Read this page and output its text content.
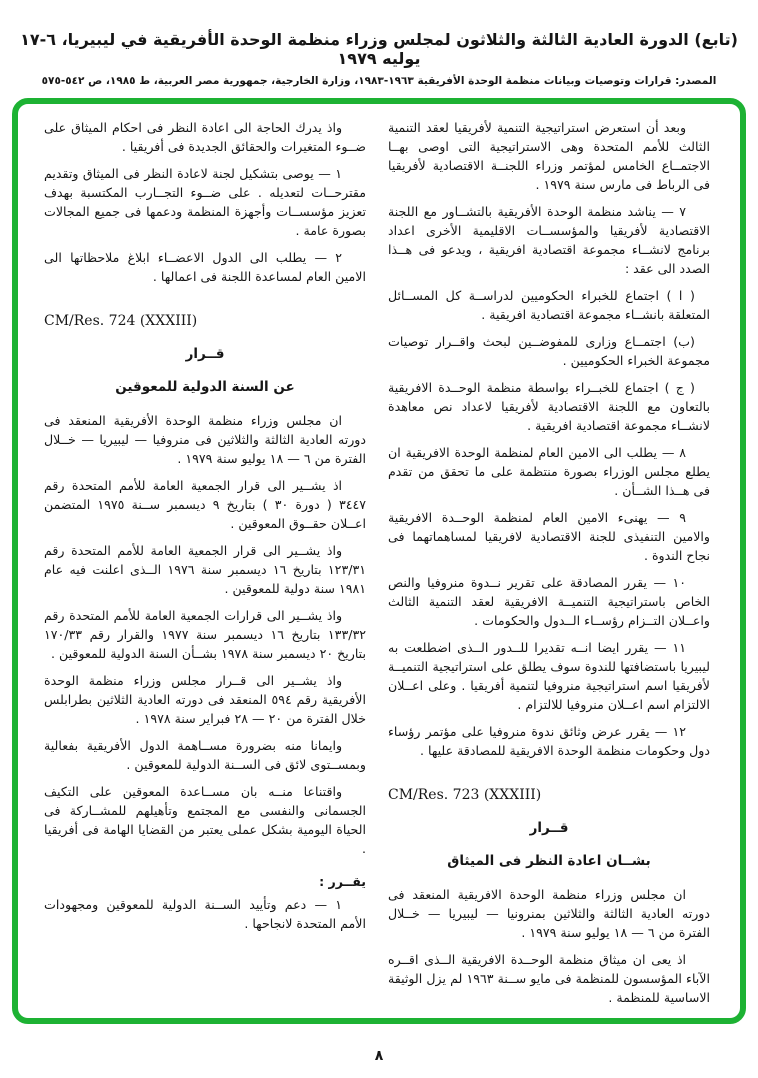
(تابع) الدورة العادية الثالثة والثلاثون لمجلس وزراء منظمة الوحدة الأفريقية في ليبيريا، ٦-١٧ يوليه ١٩٧٩
المصدر: قرارات وتوصيات وبيانات منظمة الوحدة الأفريقية ١٩٦٣-١٩٨٣، وزارة الخارجية، جمهورية مصر العربية، ط ١٩٨٥، ص ٥٤٢-٥٧٥

وبعد أن استعرض استراتيجية التنمية لأفريقيا لعقد التنمية الثالث للأمم المتحدة وهى الاستراتيجية التى اوصى بهــا الاجتمــاع الخامس لمؤتمر وزراء اللجنــة الاقتصادية لأفريقيا فى الرباط فى مارس سنة ١٩٧٩ .

٧ — يناشد منظمة الوحدة الأفريقية بالتشــاور مع اللجنة الاقتصادية لأفريقيا والمؤسســات الاقليمية الأخرى اعداد برنامج لانشــاء مجموعة اقتصادية افريقية ، ويدعو فى هــذا الصدد الى عقد :

( ا ) اجتماع للخبراء الحكوميين لدراســة كل المســائل المتعلقة بانشــاء مجموعة اقتصادية افريقية .

(ب) اجتمــاع وزارى للمفوضــين لبحث واقــرار توصيات مجموعة الخبراء الحكوميين .

( ج ) اجتماع للخبــراء بواسطة منظمة الوحــدة الافريقية بالتعاون مع اللجنة الاقتصادية لأفريقيا لاعداد نص معاهدة لانشــاء مجموعة اقتصادية افريقية .

٨ — يطلب الى الامين العام لمنظمة الوحدة الافريقية ان يطلع مجلس الوزراء بصورة منتظمة على ما تحقق من تقدم فى هــذا الشــأن .

٩ — يهنىء الامين العام لمنظمة الوحــدة الافريقية والامين التنفيذى للجنة الاقتصادية لافريقيا لمساهماتهما فى نجاح الندوة .

١٠ — يقرر المصادقة على تقرير نــدوة منروفيا والنص الخاص باستراتيجية التنميــة الافريقية لعقد التنمية الثالث واعــلان التــزام رؤســاء الــدول والحكومات .

١١ — يقرر ايضا انــه تقديرا للــدور الــذى اضطلعت به ليبيريا باستضافتها للندوة سوف يطلق على استراتيجية التنميــة لأفريقيا اسم استراتيجية منروفيا لتنمية أفريقيا . وعلى اعــلان الالتزام اسم اعــلان منروفيا للالتزام .

١٢ — يقرر عرض وثائق ندوة منروفيا على مؤتمر رؤساء دول وحكومات منظمة الوحدة الافريقية للمصادقة عليها .

CM/Res. 723 (XXXIII)

قــرار

بشــان اعادة النظر فى الميثاق

ان مجلس وزراء منظمة الوحدة الافريقية المنعقد فى دورته العادية الثالثة والثلاثين بمنرونيا — ليبيريا — خــلال الفترة من ٦ — ١٨ يوليو سنة ١٩٧٩ .

اذ يعى ان ميثاق منظمة الوحــدة الافريقية الــذى اقــره الآباء المؤسسون للمنظمة فى مايو ســنة ١٩٦٣ لم يزل الوثيقة الاساسية للمنظمة .

واذ يدرك الحاجة الى اعادة النظر فى احكام الميثاق على ضــوء المتغيرات والحقائق الجديدة فى أفريقيا .

١ — يوصى بتشكيل لجنة لاعادة النظر فى الميثاق وتقديم مقترحــات لتعديله . على ضــوء التجــارب المكتسبة بهدف تعزيز مؤسســات وأجهزة المنظمة ودعمها فى جميع المجالات بصورة عامة .

٢ — يطلب الى الدول الاعضــاء ابلاغ ملاحظاتها الى الامين العام لمساعدة اللجنة فى اعمالها .

CM/Res. 724 (XXXIII)

قــرار

عن السنة الدولية للمعوقين

ان مجلس وزراء منظمة الوحدة الأفريقية المنعقد فى دورته العادية الثالثة والثلاثين فى منروفيا — ليبيريا — خــلال الفترة من ٦ — ١٨ يوليو سنة ١٩٧٩ .

اذ يشــير الى قرار الجمعية العامة للأمم المتحدة رقم ٣٤٤٧ ( دورة ٣٠ ) بتاريخ ٩ ديسمبر ســنة ١٩٧٥ المتضمن اعــلان حقــوق المعوقين .

واذ يشــير الى قرار الجمعية العامة للأمم المتحدة رقم ١٢٣/٣١ بتاريخ ١٦ ديسمبر سنة ١٩٧٦ الــذى اعلنت فيه عام ١٩٨١ سنة دولية للمعوقين .

واذ يشــير الى قرارات الجمعية العامة للأمم المتحدة رقم ١٣٣/٣٢ بتاريخ ١٦ ديسمبر سنة ١٩٧٧ والقرار رقم ١٧٠/٣٣ بتاريخ ٢٠ ديسمبر سنة ١٩٧٨ بشــأن السنة الدولية للمعوقين .

واذ يشــير الى قــرار مجلس وزراء منظمة الوحدة الأفريقية رقم ٥٩٤ المنعقد فى دورته العادية الثلاثين بطرابلس خلال الفترة من ٢٠ — ٢٨ فبراير سنة ١٩٧٨ .

وايمانا منه بضرورة مســاهمة الدول الأفريقية بفعالية وبمســتوى لائق فى الســنة الدولية للمعوقين .

واقتناعا منــه بان مســاعدة المعوقين على التكيف الجسمانى والنفسى مع المجتمع وتأهيلهم للمشــاركة فى الحياة اليومية بشكل عملى يعتبر من القضايا الهامة فى أفريقيا .

يقــرر :

١ — دعم وتأييد الســنة الدولية للمعوقين ومجهودات الأمم المتحدة لانجاحها .

٨
